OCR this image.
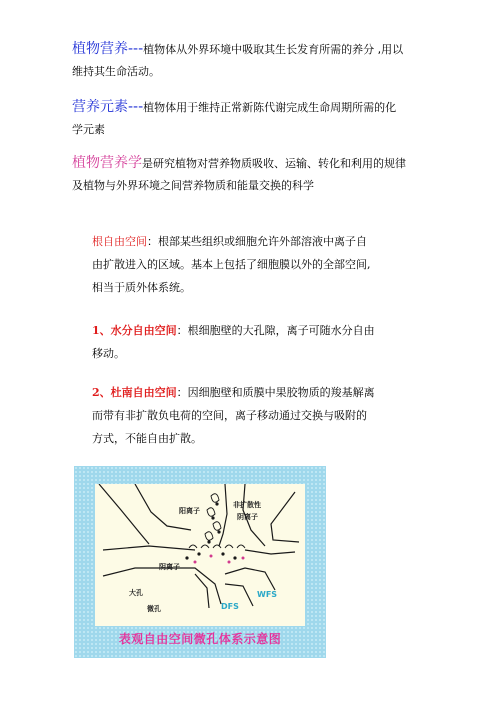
植物营养---植物体从外界环境中吸取其生长发育所需的养分 ,用以
维持其生命活动。
营养元素---植物体用于维持正常新陈代谢完成生命周期所需的化
学元素
植物营养学是研究植物对营养物质吸收、运输、转化和利用的规律
及植物与外界环境之间营养物质和能量交换的科学
根自由空间：根部某些组织或细胞允许外部溶液中离子自
由扩散进入的区域。基本上包括了细胞膜以外的全部空间,
相当于质外体系统。
1、水分自由空间：根细胞壁的大孔隙，离子可随水分自由
移动。
2、杜南自由空间：因细胞壁和质膜中果胶物质的羧基解离
而带有非扩散负电荷的空间，离子移动通过交换与吸附的
方式，不能自由扩散。
阳离子
非扩散性
阴离子
阴离子
大孔
微孔	DFS
WFS
表观自由空间微孔体系示意图
